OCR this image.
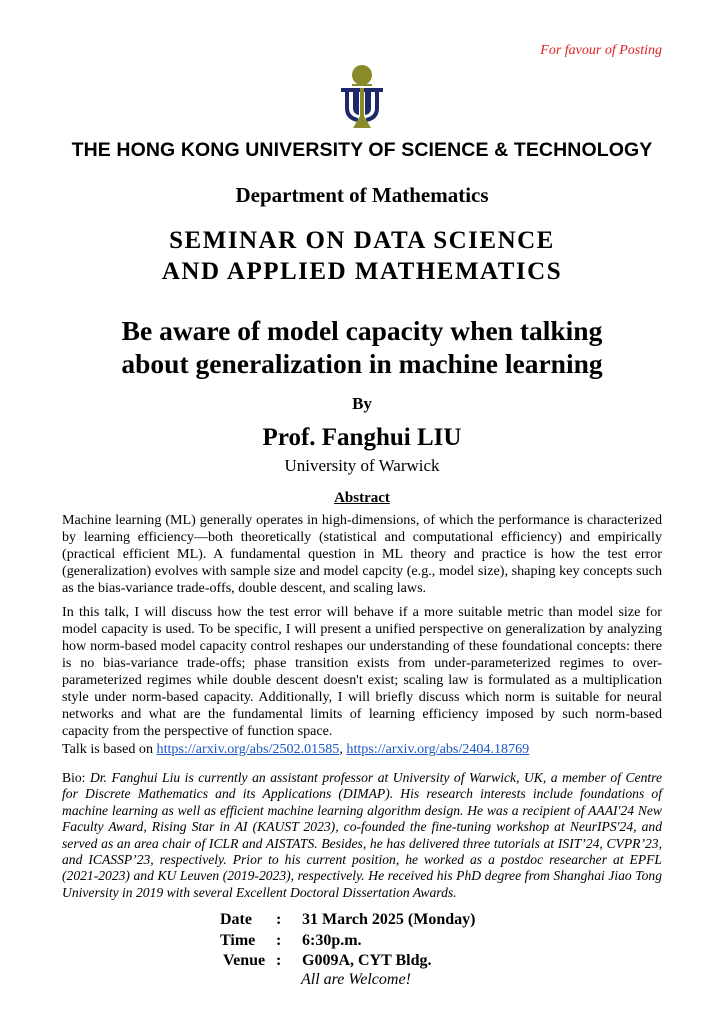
For favour of Posting
THE HONG KONG UNIVERSITY OF SCIENCE & TECHNOLOGY
Department of Mathematics
SEMINAR ON DATA SCIENCE
AND APPLIED MATHEMATICS
Be aware of model capacity when talking
about generalization in machine learning
By
Prof. Fanghui LIU
University of Warwick
Abstract

Machine learning (ML) generally operates in high-dimensions, of which the performance is characterized by learning efficiency—both theoretically (statistical and computational efficiency) and empirically (practical efficient ML). A fundamental question in ML theory and practice is how the test error (generalization) evolves with sample size and model capcity (e.g., model size), shaping key concepts such as the bias-variance trade-offs, double descent, and scaling laws.

In this talk, I will discuss how the test error will behave if a more suitable metric than model size for model capacity is used. To be specific, I will present a unified perspective on generalization by analyzing how norm-based model capacity control reshapes our understanding of these foundational concepts: there is no bias-variance trade-offs; phase transition exists from under-parameterized regimes to over-parameterized regimes while double descent doesn't exist; scaling law is formulated as a multiplication style under norm-based capacity. Additionally, I will briefly discuss which norm is suitable for neural networks and what are the fundamental limits of learning efficiency imposed by such norm-based capacity from the perspective of function space.

Talk is based on https://arxiv.org/abs/2502.01585, https://arxiv.org/abs/2404.18769

Bio: Dr. Fanghui Liu is currently an assistant professor at University of Warwick, UK, a member of Centre for Discrete Mathematics and its Applications (DIMAP). His research interests include foundations of machine learning as well as efficient machine learning algorithm design. He was a recipient of AAAI'24 New Faculty Award, Rising Star in AI (KAUST 2023), co-founded the fine-tuning workshop at NeurIPS'24, and served as an area chair of ICLR and AISTATS. Besides, he has delivered three tutorials at ISIT’24, CVPR’23, and ICASSP’23, respectively. Prior to his current position, he worked as a postdoc researcher at EPFL (2021-2023) and KU Leuven (2019-2023), respectively. He received his PhD degree from Shanghai Jiao Tong University in 2019 with several Excellent Doctoral Dissertation Awards.

Date	:	31 March 2025 (Monday)
Time	:	6:30p.m.
Venue :	G009A, CYT Bldg.
All are Welcome!
